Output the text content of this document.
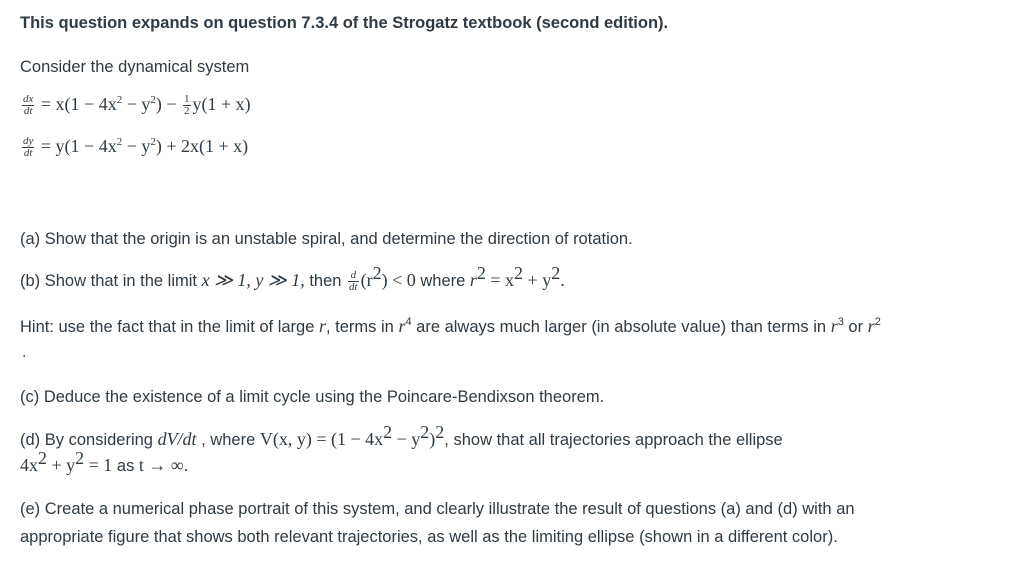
This question expands on question 7.3.4 of the Strogatz textbook (second edition).
Consider the dynamical system
$\frac{dx}{dt} = x(1 - 4x^2 - y^2) - \frac{1}{2} y(1 + x)$
$\frac{dy}{dt} = y(1 - 4x^2 - y^2) + 2x(1 + x)$
(a) Show that the origin is an unstable spiral, and determine the direction of rotation.
(b) Show that in the limit x ≫ 1, y ≫ 1, then $\frac{d}{dt} (r^2) < 0$ where $r^2 = x^2 + y^2$.
Hint: use the fact that in the limit of large r, terms in $r^4$ are always much larger (in absolute value) than terms in $r^3$ or $r^2$
(c) Deduce the existence of a limit cycle using the Poincare-Bendixson theorem.
(d) By considering dV/dt , where V(x, $y) = (1 - 4x^2 - y^2)^2$, show that all trajectories approach the ellipse
$4x^2 + y^2 = 1$ as t → ∞.
(e) Create a numerical phase portrait of this system, and clearly illustrate the result of questions (a) and (d) with an
appropriate figure that shows both relevant trajectories, as well as the limiting ellipse (shown in a different color).
.
